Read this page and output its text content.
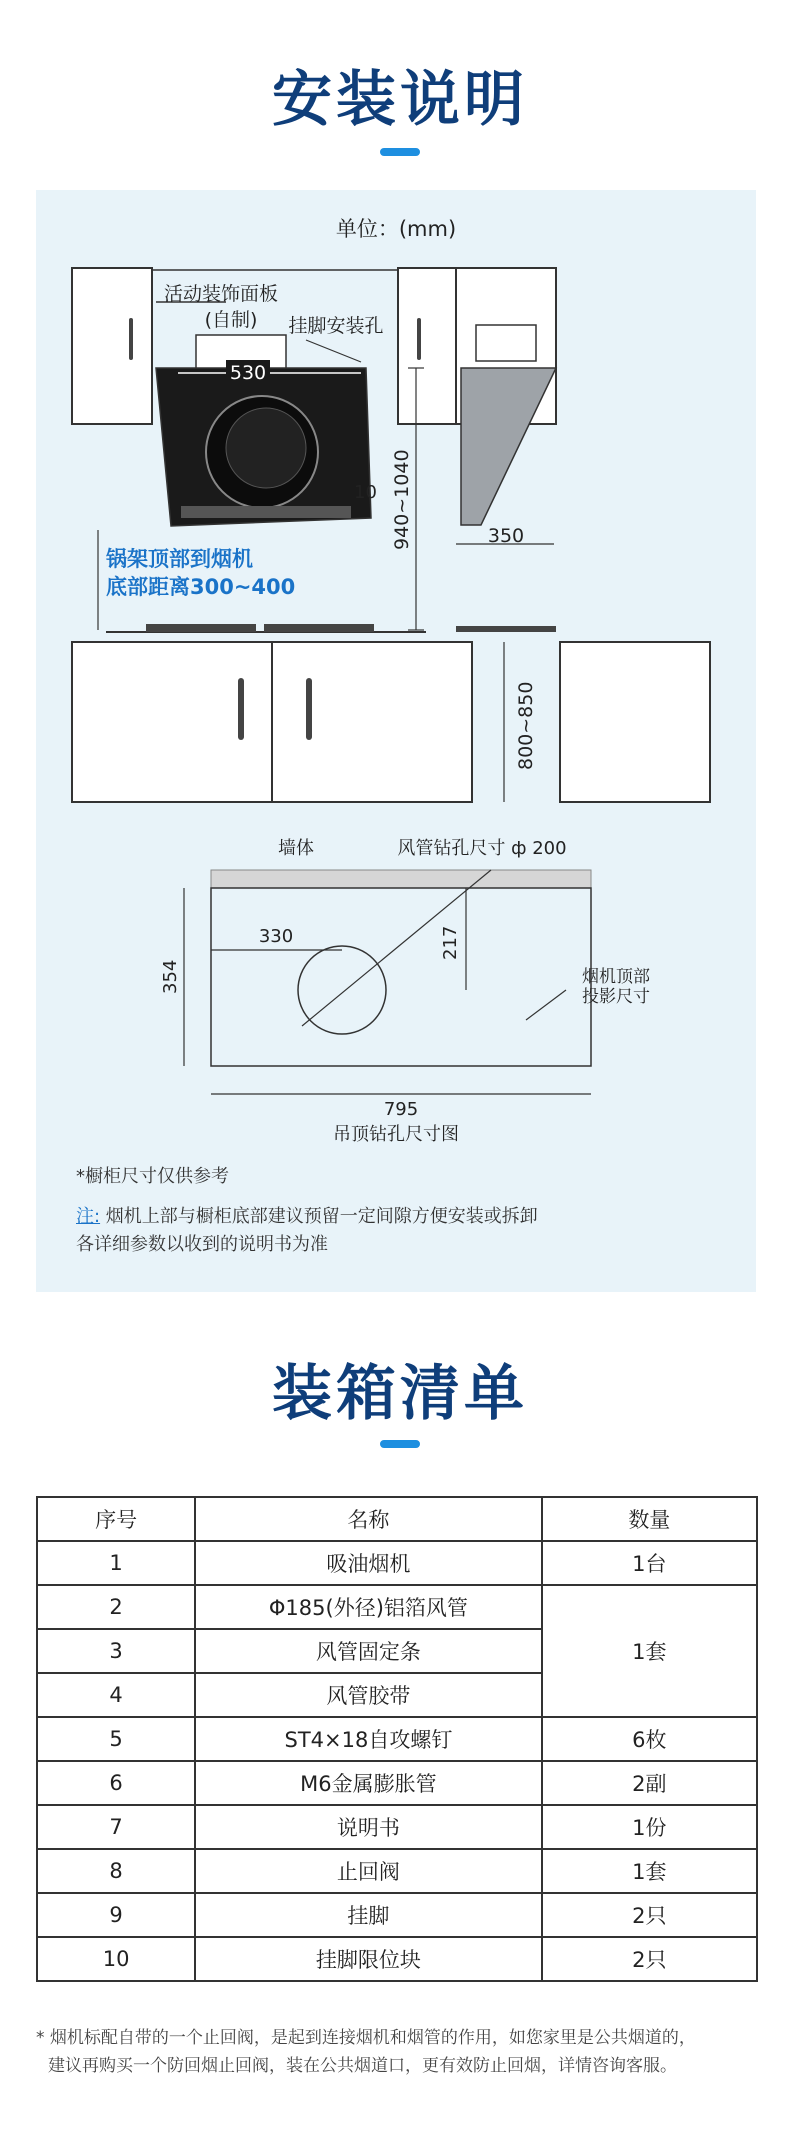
安装说明
单位：(mm)
活动装饰面板
(自制) 挂脚安装孔
530
10 940~1040	350
锅架顶部到烟机
底部距离300~400
800~850
墙体	风管钻孔尺寸 ф 200
330	217
354
795
烟机顶部
投影尺寸
吊顶钻孔尺寸图
*橱柜尺寸仅供参考
注: 烟机上部与橱柜底部建议预留一定间隙方便安装或拆卸
各详细参数以收到的说明书为准
装箱清单
序号	名称	数量
1	吸油烟机	1台
2	Φ185(外径)铝箔风管	1套
3	风管固定条	
4	风管胶带	
5	ST4×18自攻螺钉	6枚
6	M6金属膨胀管	2副
7	说明书	1份
8	止回阀	1套
9	挂脚	2只
10	挂脚限位块	2只
* 烟机标配自带的一个止回阀，是起到连接烟机和烟管的作用，如您家里是公共烟道的，
建议再购买一个防回烟止回阀，装在公共烟道口，更有效防止回烟，详情咨询客服。
